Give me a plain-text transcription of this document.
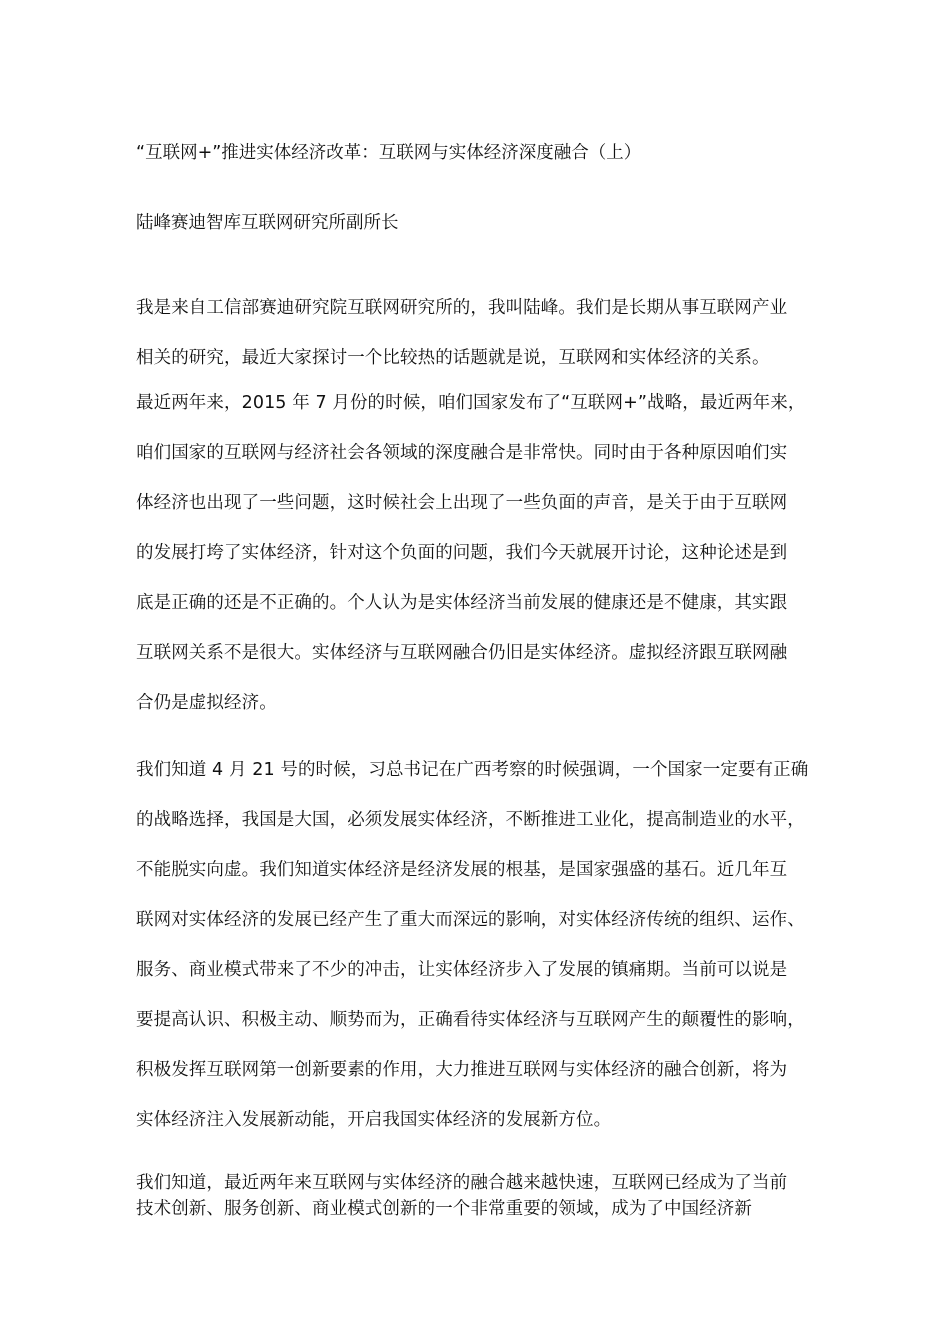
“互联网+”推进实体经济改革：互联网与实体经济深度融合（上）
陆峰赛迪智库互联网研究所副所长
我是来自工信部赛迪研究院互联网研究所的，我叫陆峰。我们是长期从事互联网产业
相关的研究，最近大家探讨一个比较热的话题就是说，互联网和实体经济的关系。
最近两年来，2015 年 7 月份的时候，咱们国家发布了“互联网+”战略，最近两年来，
咱们国家的互联网与经济社会各领域的深度融合是非常快。同时由于各种原因咱们实
体经济也出现了一些问题，这时候社会上出现了一些负面的声音，是关于由于互联网
的发展打垮了实体经济，针对这个负面的问题，我们今天就展开讨论，这种论述是到
底是正确的还是不正确的。个人认为是实体经济当前发展的健康还是不健康，其实跟
互联网关系不是很大。实体经济与互联网融合仍旧是实体经济。虚拟经济跟互联网融
合仍是虚拟经济。
我们知道 4 月 21 号的时候，习总书记在广西考察的时候强调，一个国家一定要有正确
的战略选择，我国是大国，必须发展实体经济，不断推进工业化，提高制造业的水平，
不能脱实向虚。我们知道实体经济是经济发展的根基，是国家强盛的基石。近几年互
联网对实体经济的发展已经产生了重大而深远的影响，对实体经济传统的组织、运作、
服务、商业模式带来了不少的冲击，让实体经济步入了发展的镇痛期。当前可以说是
要提高认识、积极主动、顺势而为，正确看待实体经济与互联网产生的颠覆性的影响，
积极发挥互联网第一创新要素的作用，大力推进互联网与实体经济的融合创新，将为
实体经济注入发展新动能，开启我国实体经济的发展新方位。
我们知道，最近两年来互联网与实体经济的融合越来越快速，互联网已经成为了当前
技术创新、服务创新、商业模式创新的一个非常重要的领域，成为了中国经济新
